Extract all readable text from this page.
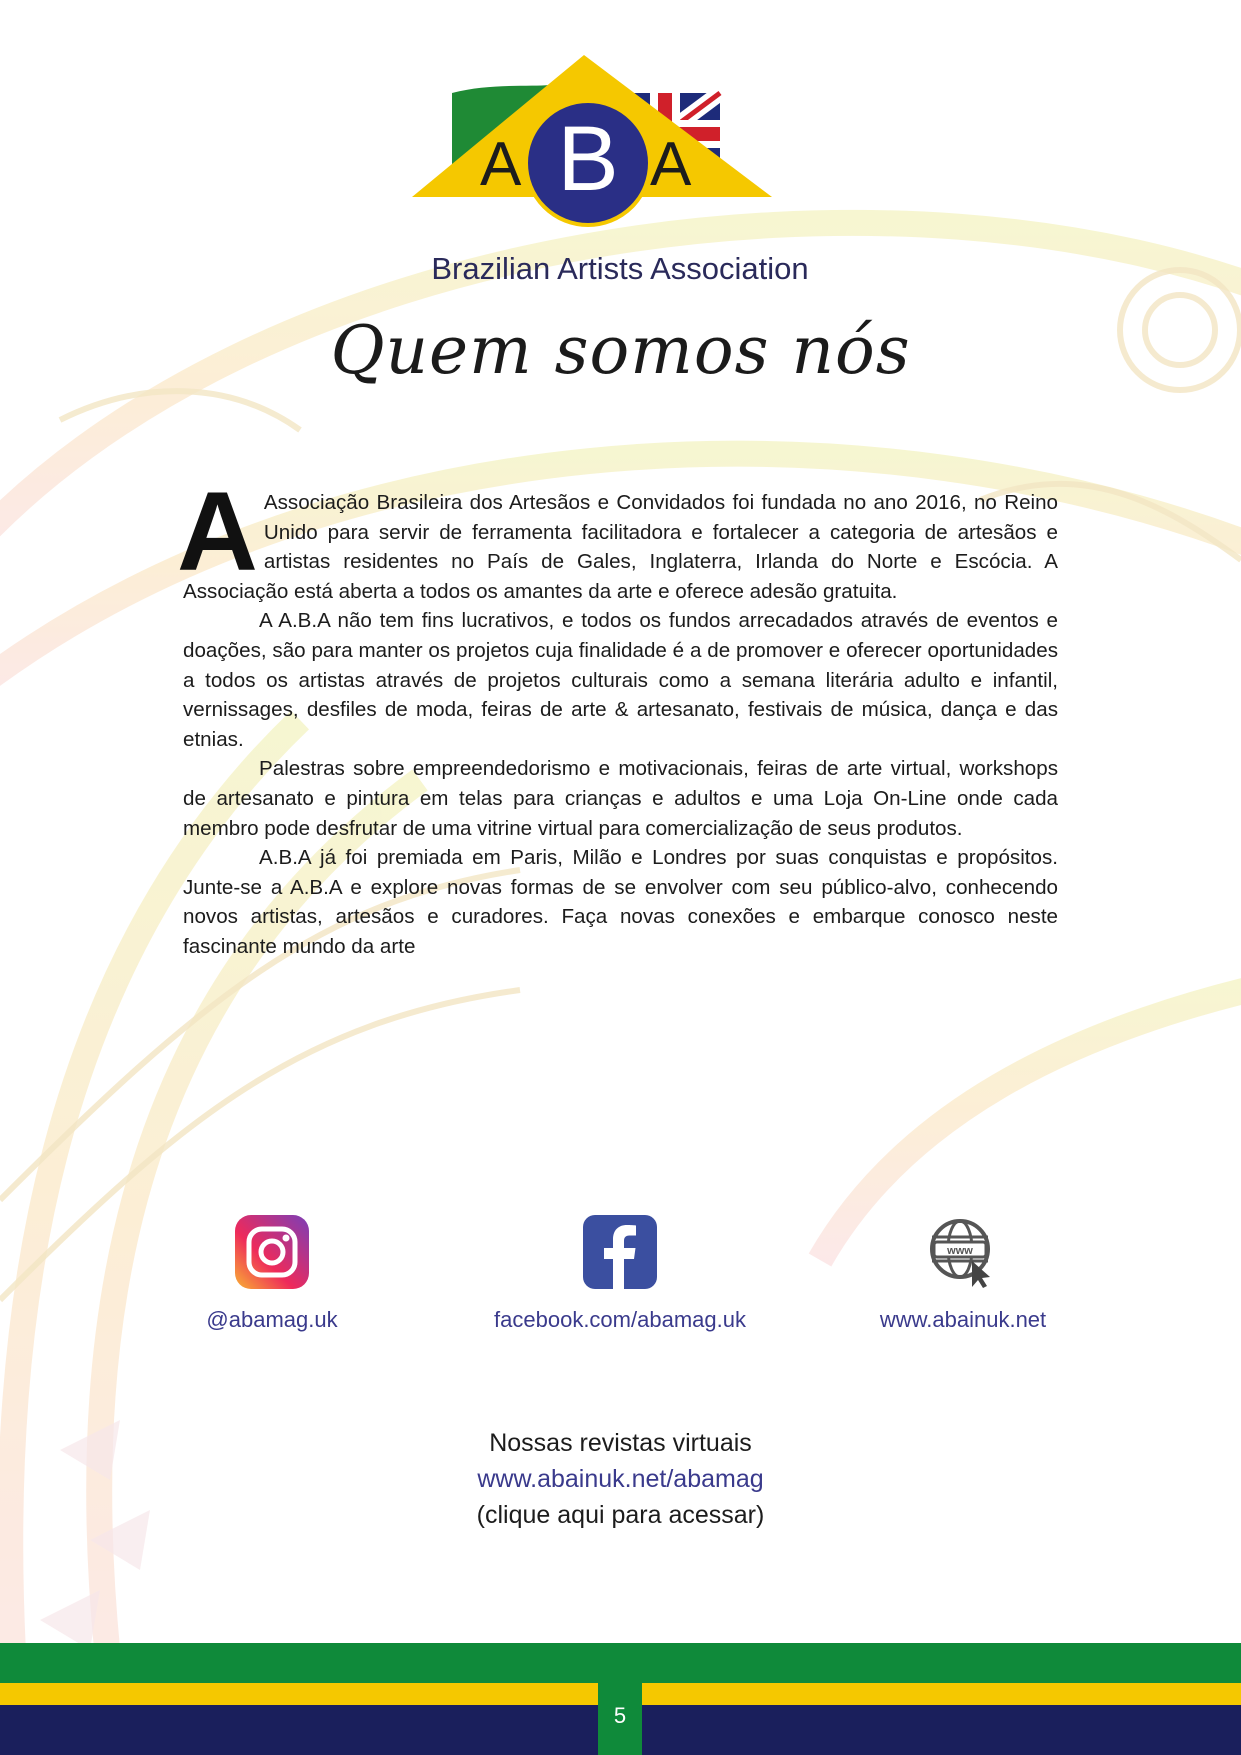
A B A
Brazilian Artists Association
Quem somos nós

A Associação Brasileira dos Artesãos e Convidados foi fundada no ano 2016, no Reino Unido para servir de ferramenta facilitadora e fortalecer a categoria de artesãos e artistas residentes no País de Gales, Inglaterra, Irlanda do Norte e Escócia. A Associação está aberta a todos os amantes da arte e oferece adesão gratuita.

A A.B.A não tem fins lucrativos, e todos os fundos arrecadados através de eventos e doações, são para manter os projetos cuja finalidade é a de promover e oferecer oportunidades a todos os artistas através de projetos culturais como a semana literária adulto e infantil, vernissages, desfiles de moda, feiras de arte & artesanato, festivais de música, dança e das etnias.

Palestras sobre empreendedorismo e motivacionais, feiras de arte virtual, workshops de artesanato e pintura em telas para crianças e adultos e uma Loja On-Line onde cada membro pode desfrutar de uma vitrine virtual para comercialização de seus produtos.

A.B.A já foi premiada em Paris, Milão e Londres por suas conquistas e propósitos. Junte-se a A.B.A e explore novas formas de se envolver com seu público-alvo, conhecendo novos artistas, artesãos e curadores. Faça novas conexões e embarque conosco neste fascinante mundo da arte

@abamag.uk	facebook.com/abamag.uk
www
www.abainuk.net
Nossas revistas virtuais
www.abainuk.net/abamag
(clique aqui para acessar)
5
